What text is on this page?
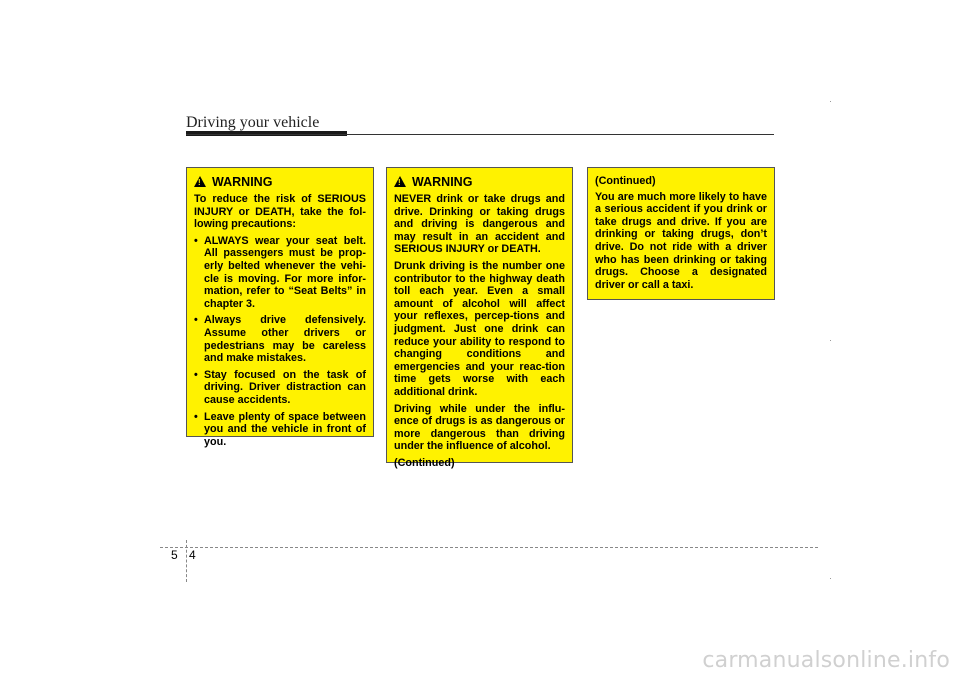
Driving your vehicle
!WARNING

To reduce the risk of SERIOUS INJURY or DEATH, take the fol-lowing precautions:

• ALWAYS wear your seat belt. All passengers must be prop-erly belted whenever the vehi-cle is moving. For more infor-mation, refer to “Seat Belts” in chapter 3.
• Always drive defensively. Assume other drivers or pedestrians may be careless and make mistakes.
• Stay focused on the task of driving. Driver distraction can cause accidents.
• Leave plenty of space between you and the vehicle in front of you.
!WARNING

NEVER drink or take drugs and drive. Drinking or taking drugs and driving is dangerous and may result in an accident and SERIOUS INJURY or DEATH.

Drunk driving is the number one contributor to the highway death toll each year. Even a small amount of alcohol will affect your reflexes, percep-tions and judgment. Just one drink can reduce your ability to respond to changing conditions and emergencies and your reac-tion time gets worse with each additional drink.

Driving while under the influ-ence of drugs is as dangerous or more dangerous than driving under the influence of alcohol.

(Continued)

(Continued)

You are much more likely to have a serious accident if you drink or take drugs and drive. If you are drinking or taking drugs, don’t drive. Do not ride with a driver who has been drinking or taking drugs. Choose a designated driver or call a taxi.

5 4
carmanualsonline.info
